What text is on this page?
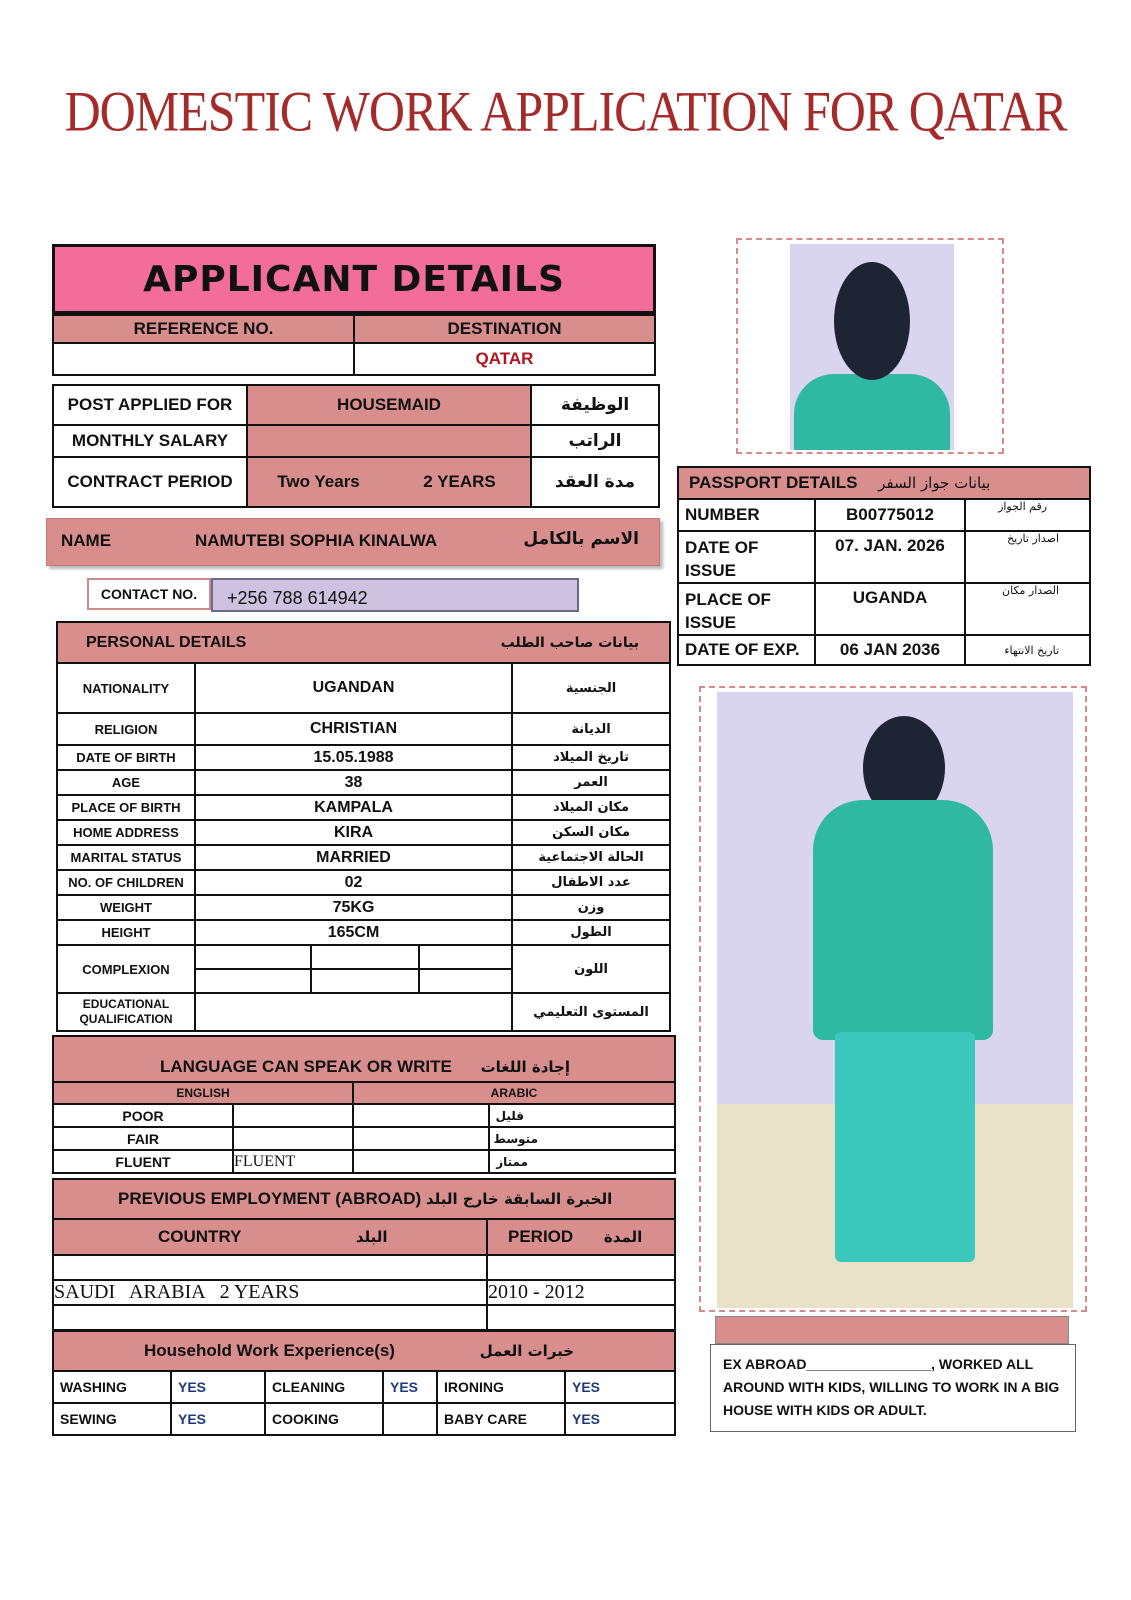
DOMESTIC WORK APPLICATION FOR QATAR
APPLICANT DETAILS
REFERENCE NO.	DESTINATION
	QATAR
POST APPLIED FOR	HOUSEMAID		الوظيفة
MONTHLY SALARY			الراتب
CONTRACT PERIOD	Two Years	2 YEARS	مدة العقد
NAME	NAMUTEBI SOPHIA KINALWA	الاسم بالكامل
CONTACT NO.	+256 788 614942
PERSONAL DETAILS			بيانات صاحب الطلب	
NATIONALITY	UGANDAN			الجنسية
RELIGION	CHRISTIAN			الديانة
DATE OF BIRTH	15.05.1988			تاريخ الميلاد
AGE	38			العمر
PLACE OF BIRTH	KAMPALA			مكان الميلاد
HOME ADDRESS	KIRA			مكان السكن
MARITAL STATUS	MARRIED			الحالة الاجتماعية
NO. OF CHILDREN	02			عدد الاطفال
WEIGHT	75KG			وزن
HEIGHT	165CM			الطول
COMPLEXION				اللون

EDUCATIONAL QUALIFICATION				المستوى التعليمي
LANGUAGE CAN SPEAK OR WRITE إجادة اللغات			
ENGLISH		ARABIC	
POOR			قليل
FAIR			متوسط
FLUENT	FLUENT		ممتاز
PREVIOUS EMPLOYMENT (ABROAD) الخبرة السابقة خارج البلد	
COUNTRY البلد	PERIOD المدة

SAUDI   ARABIA   2 YEARS	2010 - 2012

Household Work Experience(s) خبرات العمل					
WASHING	YES	CLEANING	YES	IRONING	YES
SEWING	YES	COOKING		BABY CARE	YES
PASSPORT DETAILS بيانات جواز السفر		
NUMBER	B00775012	رقم الجواز
DATE OF ISSUE	07. JAN. 2026	اصدار تاريخ
PLACE OF ISSUE	UGANDA	الصدار مكان
DATE OF EXP.	06 JAN 2036	تاريخ الانتهاء
EX ABROAD________________, WORKED ALL AROUND WITH KIDS, WILLING TO WORK IN A BIG HOUSE WITH KIDS OR ADULT.
